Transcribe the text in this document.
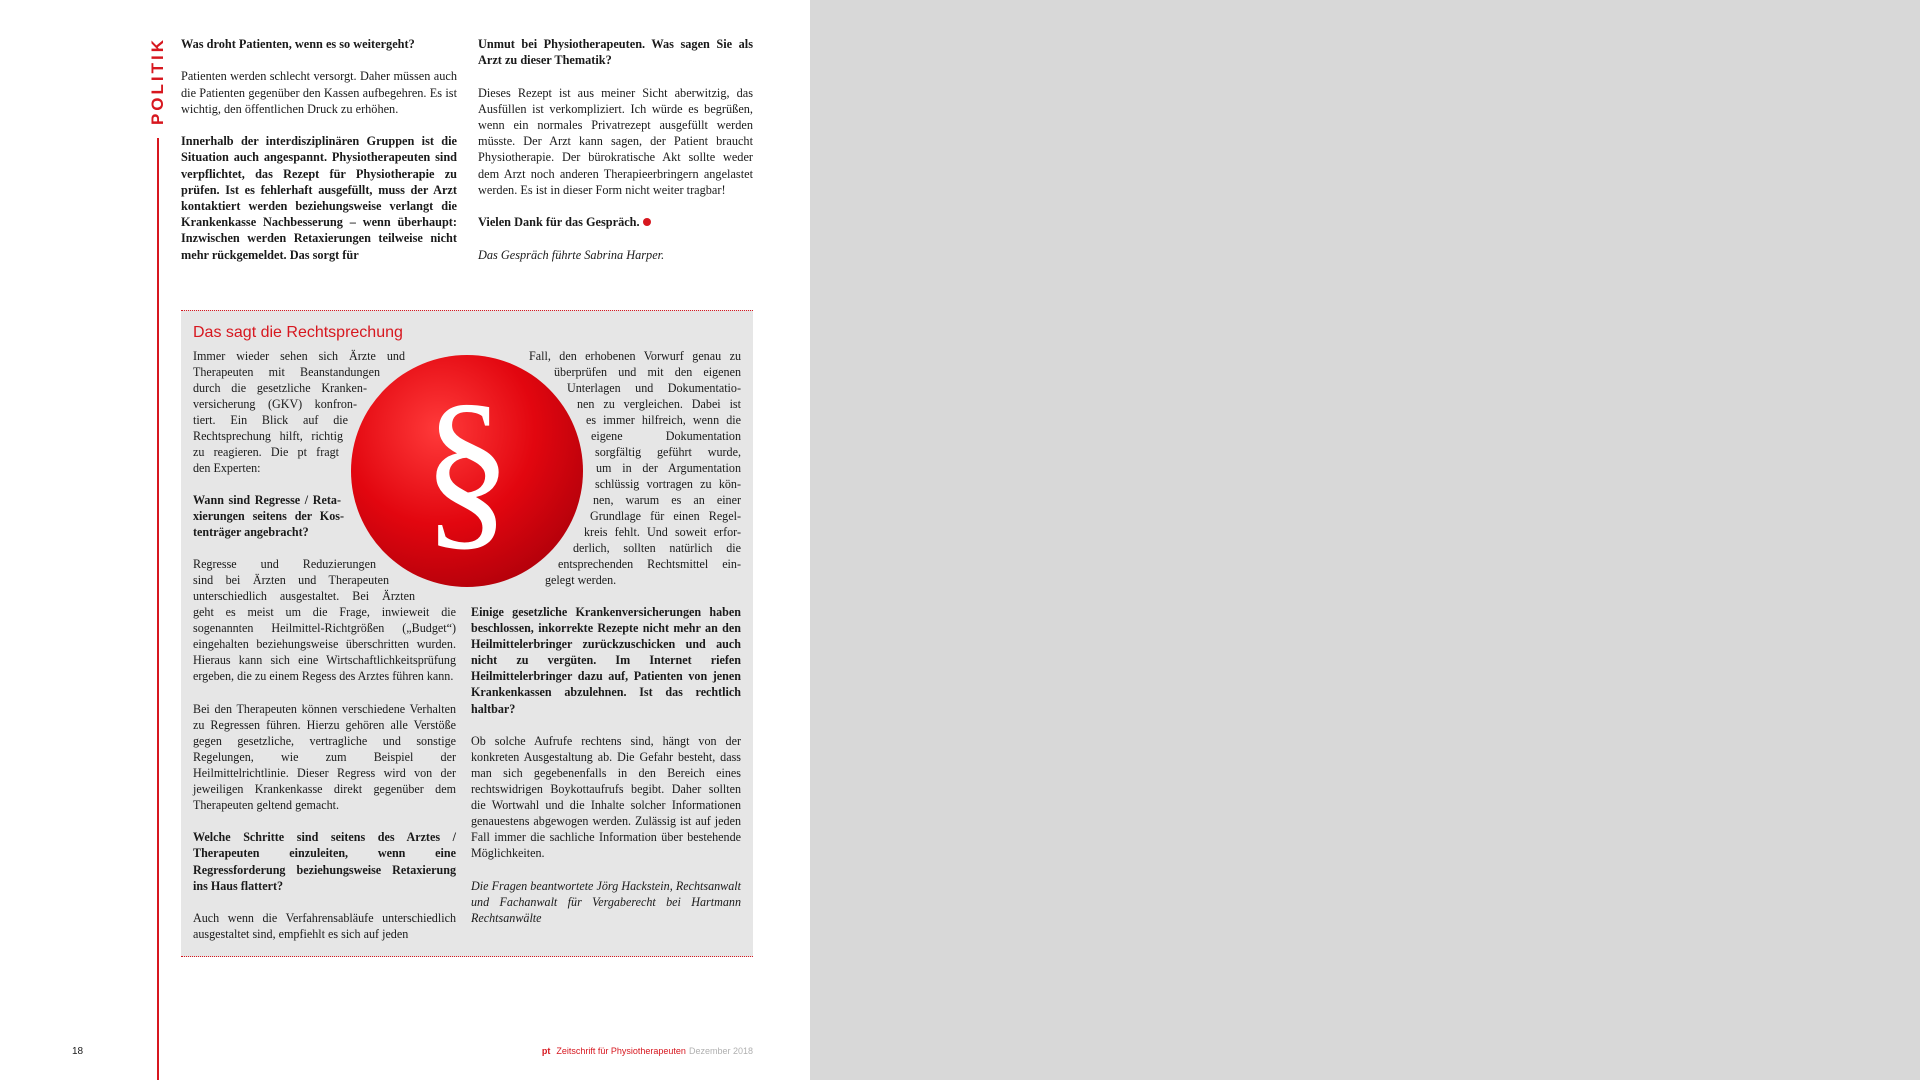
POLITIK Was droht Patienten, wenn es so weitergeht?

Patienten werden schlecht versorgt. Daher müssen auch die Patienten gegenüber den Kassen aufbegehren. Es ist wichtig, den öffentlichen Druck zu erhöhen.

Innerhalb der interdisziplinären Gruppen ist die Situation auch angespannt. Physiotherapeuten sind verpflichtet, das Rezept für Physiotherapie zu prüfen. Ist es fehlerhaft ausgefüllt, muss der Arzt kontaktiert werden beziehungsweise verlangt die Krankenkasse Nachbesserung – wenn überhaupt: Inzwischen werden Retaxierungen teilweise nicht mehr rückgemeldet. Das sorgt für

Unmut bei Physiotherapeuten. Was sagen Sie als Arzt zu dieser Thematik?

Dieses Rezept ist aus meiner Sicht aberwitzig, das Ausfüllen ist verkompliziert. Ich würde es begrüßen, wenn ein normales Privatrezept ausgefüllt werden müsste. Der Arzt kann sagen, der Patient braucht Physiotherapie. Der bürokratische Akt sollte weder dem Arzt noch anderen Therapieerbringern angelastet werden. Es ist in dieser Form nicht weiter tragbar!

Vielen Dank für das Gespräch.

Das Gespräch führte Sabrina Harper.

Das sagt die Rechtsprechung
Immer wieder sehen sich Ärzte und
Therapeuten mit Beanstandungen
durch die gesetzliche Kranken-
versicherung (GKV) konfron-
tiert. Ein Blick auf die
Rechtsprechung hilft, richtig
zu reagieren. Die pt fragt
den Experten:
Wann sind Regresse / Reta-
xierungen seitens der Kos-
tenträger angebracht?
Regresse und Reduzierungen
sind bei Ärzten und Therapeuten
unterschiedlich ausgestaltet. Bei Ärzten

geht es meist um die Frage, inwieweit die sogenannten Heilmittel-Richtgrößen („Budget“) eingehalten beziehungsweise überschritten wurden. Hieraus kann sich eine Wirtschaftlichkeitsprüfung ergeben, die zu einem Regess des Arztes führen kann.

Bei den Therapeuten können verschiedene Verhalten zu Regressen führen. Hierzu gehören alle Verstöße gegen gesetzliche, vertragliche und sonstige Regelungen, wie zum Beispiel der Heilmittelrichtlinie. Dieser Regress wird von der jeweiligen Krankenkasse direkt gegenüber dem Therapeuten geltend gemacht.

Welche Schritte sind seitens des Arztes / Therapeuten einzuleiten, wenn eine Regressforderung beziehungsweise Retaxierung ins Haus flattert?

Auch wenn die Verfahrensabläufe unterschiedlich ausgestaltet sind, empfiehlt es sich auf jeden

Fall, den erhobenen Vorwurf genau zu
überprüfen und mit den eigenen
Unterlagen und Dokumentatio-
nen zu vergleichen. Dabei ist
es immer hilfreich, wenn die
eigene Dokumentation
sorgfältig geführt wurde,
um in der Argumentation
schlüssig vortragen zu kön-
nen, warum es an einer
Grundlage für einen Regel-
kreis fehlt. Und soweit erfor-
derlich, sollten natürlich die
entsprechenden Rechtsmittel ein-
gelegt werden.

Einige gesetzliche Krankenversicherungen haben beschlossen, inkorrekte Rezepte nicht mehr an den Heilmittelerbringer zurückzuschicken und auch nicht zu vergüten. Im Internet riefen Heilmittelerbringer dazu auf, Patienten von jenen Krankenkassen abzulehnen. Ist das rechtlich haltbar?

Ob solche Aufrufe rechtens sind, hängt von der konkreten Ausgestaltung ab. Die Gefahr besteht, dass man sich gegebenenfalls in den Bereich eines rechtswidrigen Boykottaufrufs begibt. Daher sollten die Wortwahl und die Inhalte solcher Informationen genauestens abgewogen werden. Zulässig ist auf jeden Fall immer die sachliche Information über bestehende Möglichkeiten.

Die Fragen beantwortete Jörg Hackstein, Rechtsanwalt und Fachanwalt für Vergaberecht bei Hartmann Rechtsanwälte

§
18	pt Zeitschrift für Physiotherapeuten Dezember 2018
